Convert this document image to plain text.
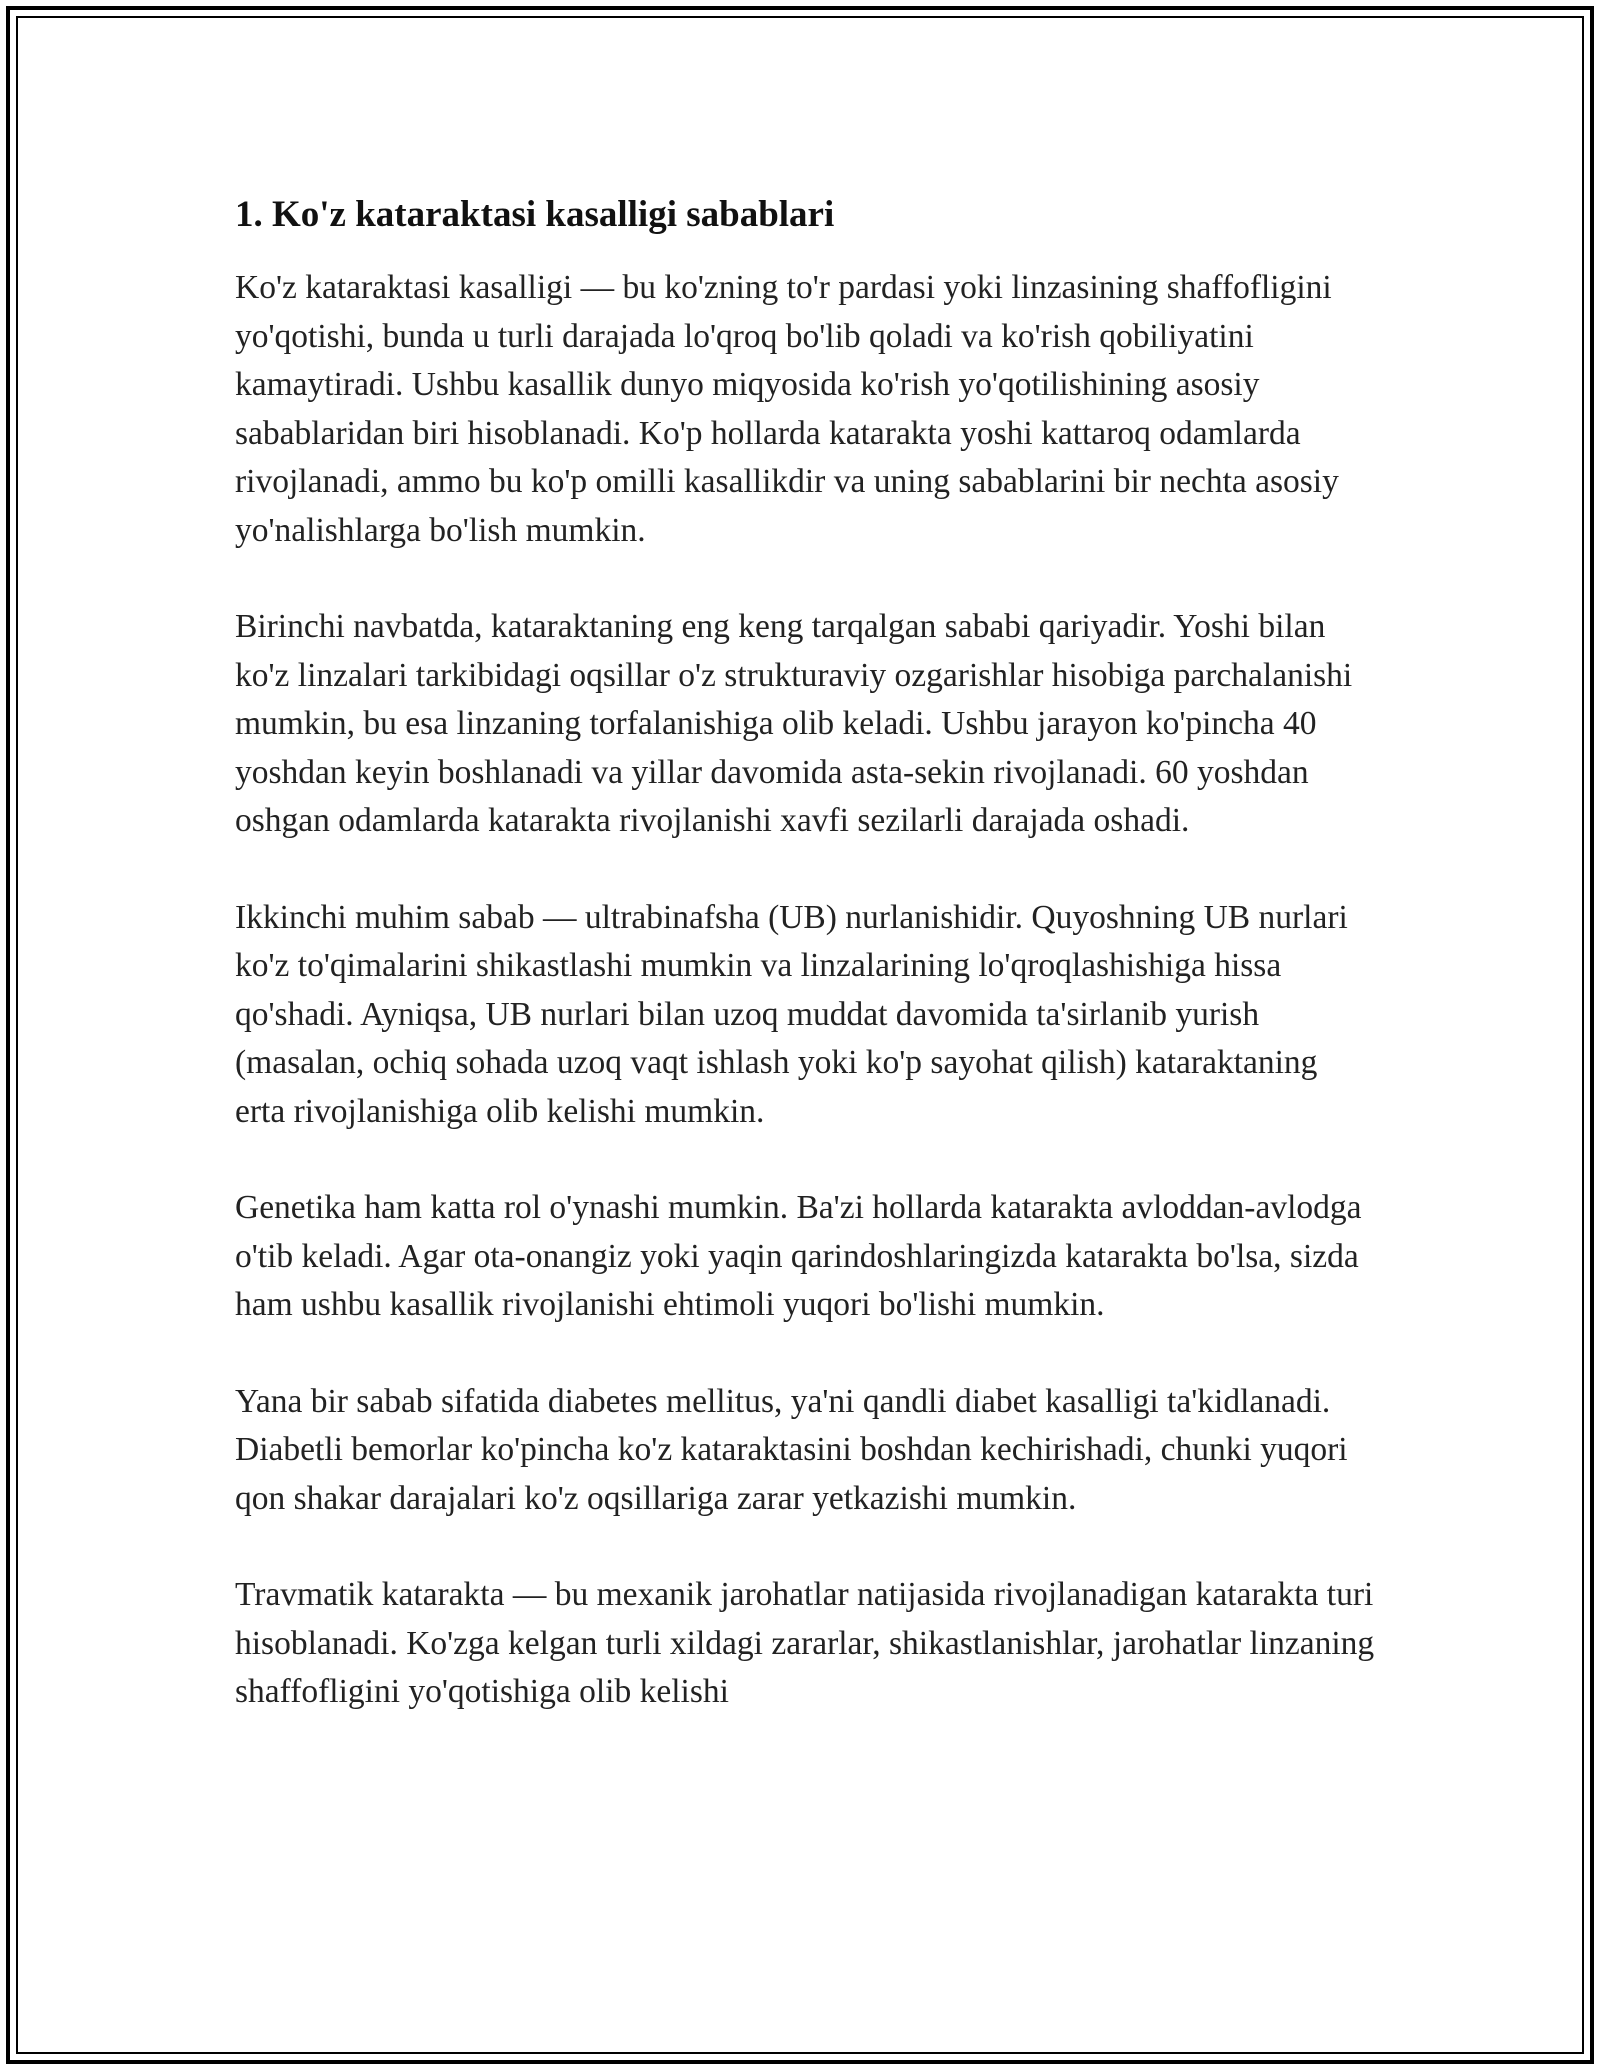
1. Ko'z kataraktasi kasalligi sabablari

Ko'z kataraktasi kasalligi — bu ko'zning to'r pardasi yoki linzasining shaffofligini yo'qotishi, bunda u turli darajada lo'qroq bo'lib qoladi va ko'rish qobiliyatini kamaytiradi. Ushbu kasallik dunyo miqyosida ko'rish yo'qotilishining asosiy sabablaridan biri hisoblanadi. Ko'p hollarda katarakta yoshi kattaroq odamlarda rivojlanadi, ammo bu ko'p omilli kasallikdir va uning sabablarini bir nechta asosiy yo'nalishlarga bo'lish mumkin.

Birinchi navbatda, kataraktaning eng keng tarqalgan sababi qariyadir. Yoshi bilan ko'z linzalari tarkibidagi oqsillar o'z strukturaviy ozgarishlar hisobiga parchalanishi mumkin, bu esa linzaning torfalanishiga olib keladi. Ushbu jarayon ko'pincha 40 yoshdan keyin boshlanadi va yillar davomida asta-sekin rivojlanadi. 60 yoshdan oshgan odamlarda katarakta rivojlanishi xavfi sezilarli darajada oshadi.

Ikkinchi muhim sabab — ultrabinafsha (UB) nurlanishidir. Quyoshning UB nurlari ko'z to'qimalarini shikastlashi mumkin va linzalarining lo'qroqlashishiga hissa qo'shadi. Ayniqsa, UB nurlari bilan uzoq muddat davomida ta'sirlanib yurish (masalan, ochiq sohada uzoq vaqt ishlash yoki ko'p sayohat qilish) kataraktaning erta rivojlanishiga olib kelishi mumkin.

Genetika ham katta rol o'ynashi mumkin. Ba'zi hollarda katarakta avloddan-avlodga o'tib keladi. Agar ota-onangiz yoki yaqin qarindoshlaringizda katarakta bo'lsa, sizda ham ushbu kasallik rivojlanishi ehtimoli yuqori bo'lishi mumkin.

Yana bir sabab sifatida diabetes mellitus, ya'ni qandli diabet kasalligi ta'kidlanadi. Diabetli bemorlar ko'pincha ko'z kataraktasini boshdan kechirishadi, chunki yuqori qon shakar darajalari ko'z oqsillariga zarar yetkazishi mumkin.

Travmatik katarakta — bu mexanik jarohatlar natijasida rivojlanadigan katarakta turi hisoblanadi. Ko'zga kelgan turli xildagi zararlar, shikastlanishlar, jarohatlar linzaning shaffofligini yo'qotishiga olib kelishi
